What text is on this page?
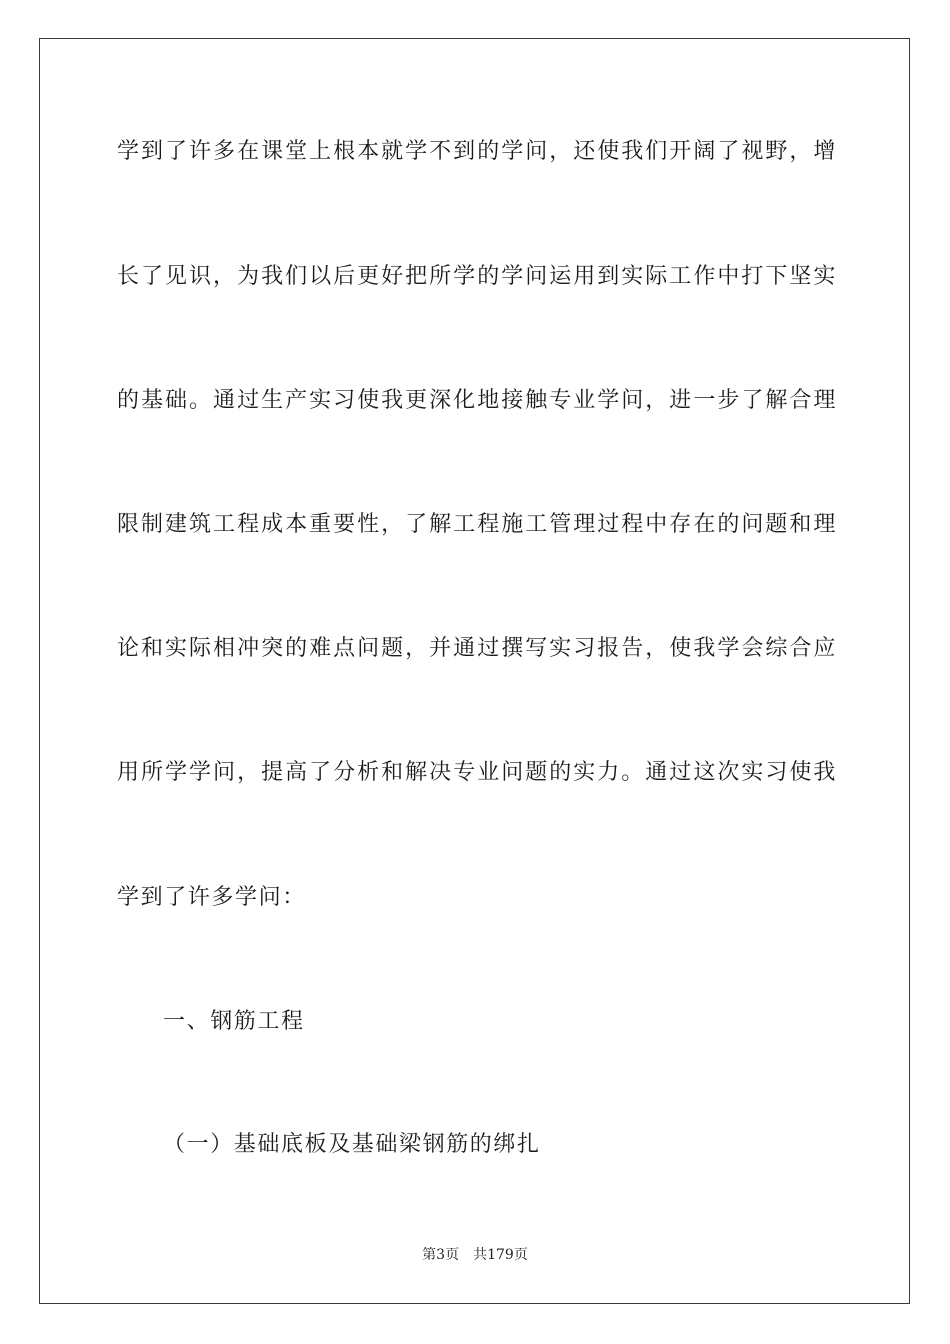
学到了许多在课堂上根本就学不到的学问，还使我们开阔了视野，增
长了见识，为我们以后更好把所学的学问运用到实际工作中打下坚实
的基础。通过生产实习使我更深化地接触专业学问，进一步了解合理
限制建筑工程成本重要性，了解工程施工管理过程中存在的问题和理
论和实际相冲突的难点问题，并通过撰写实习报告，使我学会综合应
用所学学问，提高了分析和解决专业问题的实力。通过这次实习使我
学到了许多学问：
一、钢筋工程
（一）基础底板及基础梁钢筋的绑扎
第3页 共179页
